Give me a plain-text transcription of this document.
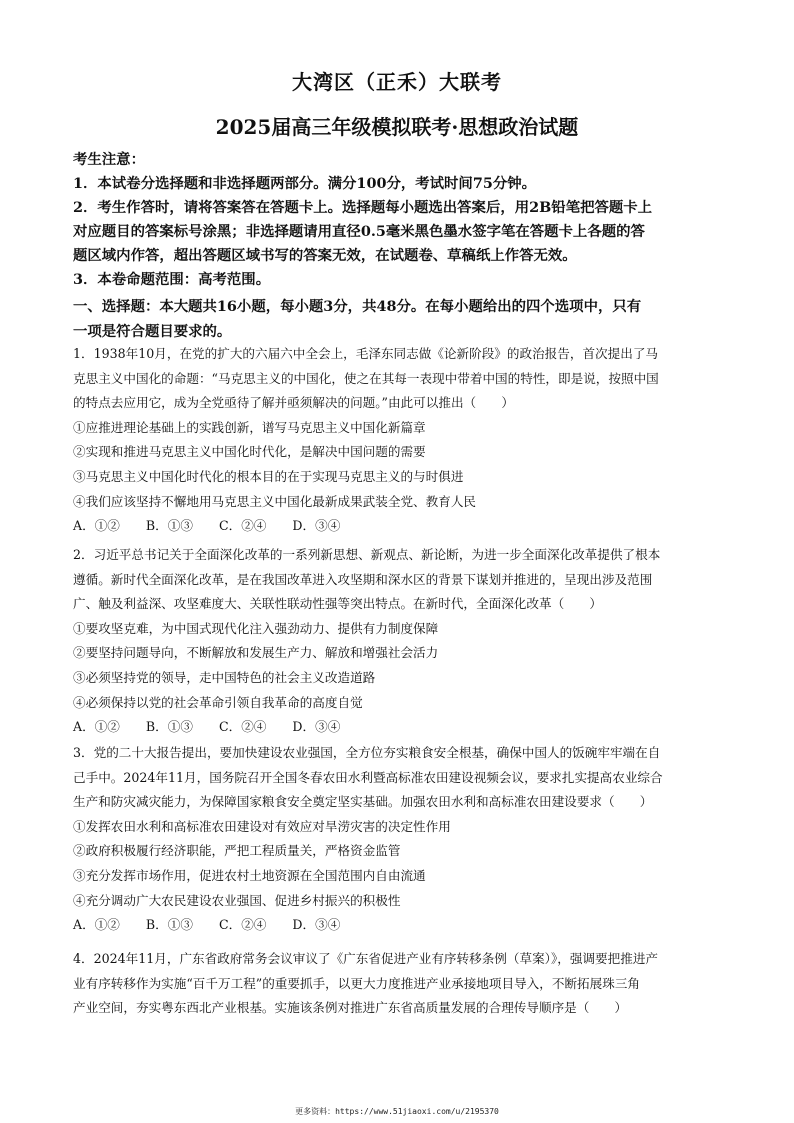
大湾区（正禾）大联考
2025届高三年级模拟联考·思想政治试题
考生注意：
1．本试卷分选择题和非选择题两部分。满分100分，考试时间75分钟。
2．考生作答时，请将答案答在答题卡上。选择题每小题选出答案后，用2B铅笔把答题卡上
对应题目的答案标号涂黑；非选择题请用直径0.5毫米黑色墨水签字笔在答题卡上各题的答
题区域内作答，超出答题区域书写的答案无效，在试题卷、草稿纸上作答无效。
3．本卷命题范围：高考范围。
一、选择题：本大题共16小题，每小题3分，共48分。在每小题给出的四个选项中，只有
一项是符合题目要求的。
1．1938年10月，在党的扩大的六届六中全会上，毛泽东同志做《论新阶段》的政治报告，首次提出了马
克思主义中国化的命题：“马克思主义的中国化，使之在其每一表现中带着中国的特性，即是说，按照中国
的特点去应用它，成为全党亟待了解并亟须解决的问题。”由此可以推出（　　）
①应推进理论基础上的实践创新，谱写马克思主义中国化新篇章
②实现和推进马克思主义中国化时代化，是解决中国问题的需要
③马克思主义中国化时代化的根本目的在于实现马克思主义的与时俱进
④我们应该坚持不懈地用马克思主义中国化最新成果武装全党、教育人民
A．①② B．①③ C．②④ D．③④
2．习近平总书记关于全面深化改革的一系列新思想、新观点、新论断，为进一步全面深化改革提供了根本
遵循。新时代全面深化改革，是在我国改革进入攻坚期和深水区的背景下谋划并推进的，呈现出涉及范围
广、触及利益深、攻坚难度大、关联性联动性强等突出特点。在新时代，全面深化改革（　　）
①要攻坚克难，为中国式现代化注入强劲动力、提供有力制度保障
②要坚持问题导向，不断解放和发展生产力、解放和增强社会活力
③必须坚持党的领导，走中国特色的社会主义改造道路
④必须保持以党的社会革命引领自我革命的高度自觉
A．①② B．①③ C．②④ D．③④
3．党的二十大报告提出，要加快建设农业强国，全方位夯实粮食安全根基，确保中国人的饭碗牢牢端在自
己手中。2024年11月，国务院召开全国冬春农田水利暨高标准农田建设视频会议，要求扎实提高农业综合
生产和防灾减灾能力，为保障国家粮食安全奠定坚实基础。加强农田水利和高标准农田建设要求（　　）
①发挥农田水利和高标准农田建设对有效应对旱涝灾害的决定性作用
②政府积极履行经济职能，严把工程质量关，严格资金监管
③充分发挥市场作用，促进农村土地资源在全国范围内自由流通
④充分调动广大农民建设农业强国、促进乡村振兴的积极性
A．①② B．①③ C．②④ D．③④
4．2024年11月，广东省政府常务会议审议了《广东省促进产业有序转移条例（草案）》，强调要把推进产
业有序转移作为实施“百千万工程”的重要抓手，以更大力度推进产业承接地项目导入，不断拓展珠三角
产业空间，夯实粤东西北产业根基。实施该条例对推进广东省高质量发展的合理传导顺序是（　　）
更多资料：https://www.51jiaoxi.com/u/2195370
